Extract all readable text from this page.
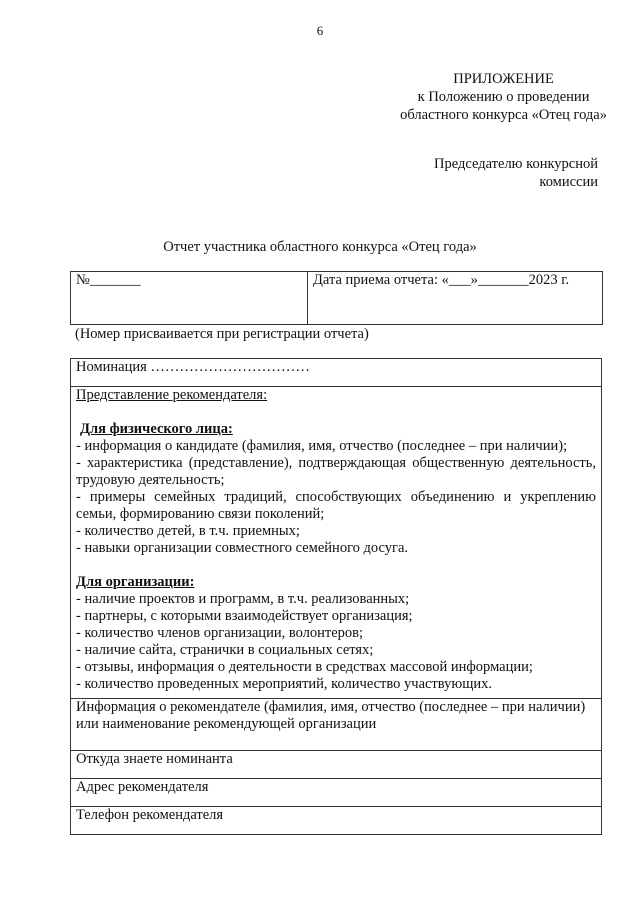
6
ПРИЛОЖЕНИЕ
к Положению о проведении
областного конкурса «Отец года»
Председателю конкурсной
комиссии
Отчет участника областного конкурса «Отец года»
№_______	Дата приема отчета: «___»_______2023 г.
(Номер присваивается при регистрации отчета)
Номинация ……………………………

Представление рекомендателя:
Для физического лица:
- информация о кандидате (фамилия, имя, отчество (последнее – при наличии);
- характеристика (представление), подтверждающая общественную деятельность, трудовую деятельность;
- примеры семейных традиций, способствующих объединению и укреплению семьи, формированию связи поколений;
- количество детей, в т.ч. приемных;
- навыки организации совместного семейного досуга.
Для организации:
- наличие проектов и программ, в т.ч. реализованных;
- партнеры, с которыми взаимодействует организация;
- количество членов организации, волонтеров;
- наличие сайта, странички в социальных сетях;
- отзывы, информация о деятельности в средствах массовой информации;
- количество проведенных мероприятий, количество участвующих.

Информация о рекомендателе (фамилия, имя, отчество (последнее – при наличии) или наименование рекомендующей организации
Откуда знаете номинанта
Адрес рекомендателя
Телефон рекомендателя
